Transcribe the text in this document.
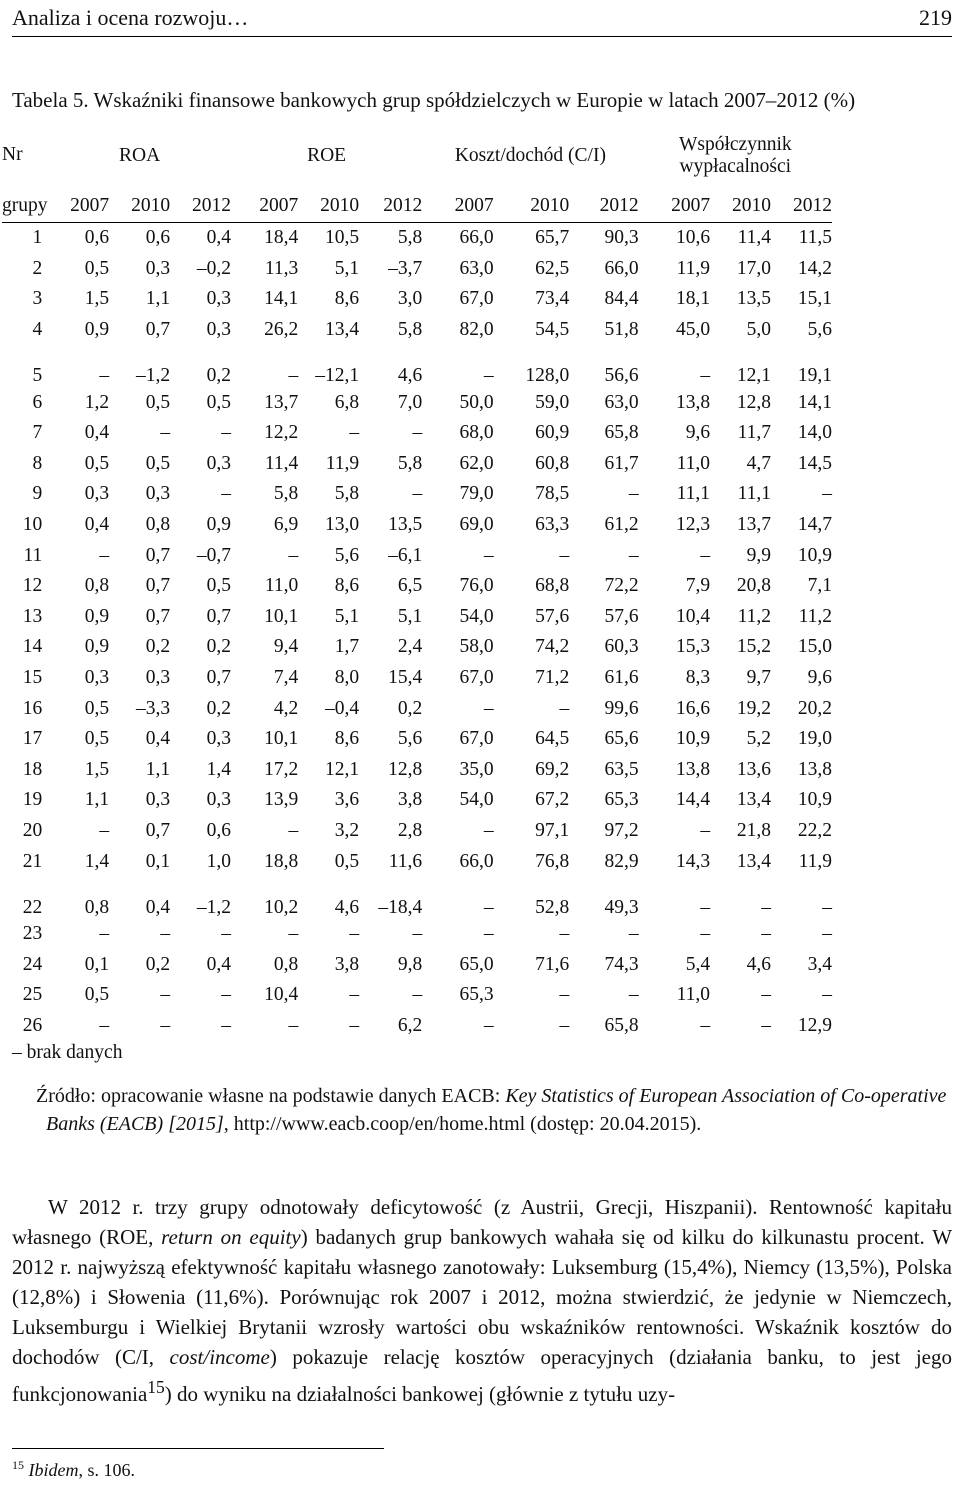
Analiza i ocena rozwoju…	219
Tabela 5. Wskaźniki finansowe bankowych grup spółdzielczych w Europie w latach 2007–2012 (%)
Nr	ROA			ROE			Koszt/dochód (C/I)			Współczynnik
wypłacalności		

grupy	2007	2010	2012	2007	2010	2012	2007	2010	2012	2007	2010	2012
1	0,6	0,6	0,4	18,4	10,5	5,8	66,0	65,7	90,3	10,6	11,4	11,5
2	0,5	0,3	–0,2	11,3	5,1	–3,7	63,0	62,5	66,0	11,9	17,0	14,2
3	1,5	1,1	0,3	14,1	8,6	3,0	67,0	73,4	84,4	18,1	13,5	15,1
4	0,9	0,7	0,3	26,2	13,4	5,8	82,0	54,5	51,8	45,0	5,0	5,6
5	–	–1,2	0,2	–	–12,1	4,6	–	128,0	56,6	–	12,1	19,1
6	1,2	0,5	0,5	13,7	6,8	7,0	50,0	59,0	63,0	13,8	12,8	14,1
7	0,4	–	–	12,2	–	–	68,0	60,9	65,8	9,6	11,7	14,0
8	0,5	0,5	0,3	11,4	11,9	5,8	62,0	60,8	61,7	11,0	4,7	14,5
9	0,3	0,3	–	5,8	5,8	–	79,0	78,5	–	11,1	11,1	–
10	0,4	0,8	0,9	6,9	13,0	13,5	69,0	63,3	61,2	12,3	13,7	14,7
11	–	0,7	–0,7	–	5,6	–6,1	–	–	–	–	9,9	10,9
12	0,8	0,7	0,5	11,0	8,6	6,5	76,0	68,8	72,2	7,9	20,8	7,1
13	0,9	0,7	0,7	10,1	5,1	5,1	54,0	57,6	57,6	10,4	11,2	11,2
14	0,9	0,2	0,2	9,4	1,7	2,4	58,0	74,2	60,3	15,3	15,2	15,0
15	0,3	0,3	0,7	7,4	8,0	15,4	67,0	71,2	61,6	8,3	9,7	9,6
16	0,5	–3,3	0,2	4,2	–0,4	0,2	–	–	99,6	16,6	19,2	20,2
17	0,5	0,4	0,3	10,1	8,6	5,6	67,0	64,5	65,6	10,9	5,2	19,0
18	1,5	1,1	1,4	17,2	12,1	12,8	35,0	69,2	63,5	13,8	13,6	13,8
19	1,1	0,3	0,3	13,9	3,6	3,8	54,0	67,2	65,3	14,4	13,4	10,9
20	–	0,7	0,6	–	3,2	2,8	–	97,1	97,2	–	21,8	22,2
21	1,4	0,1	1,0	18,8	0,5	11,6	66,0	76,8	82,9	14,3	13,4	11,9
22	0,8	0,4	–1,2	10,2	4,6	–18,4	–	52,8	49,3	–	–	–
23	–	–	–	–	–	–	–	–	–	–	–	–
24	0,1	0,2	0,4	0,8	3,8	9,8	65,0	71,6	74,3	5,4	4,6	3,4
25	0,5	–	–	10,4	–	–	65,3	–	–	11,0	–	–
26	–	–	–	–	–	6,2	–	–	65,8	–	–	12,9
– brak danych
Źródło: opracowanie własne na podstawie danych EACB: Key Statistics of European Association of Co-operative Banks (EACB) [2015], http://www.eacb.coop/en/home.html (dostęp: 20.04.2015).
W 2012 r. trzy grupy odnotowały deficytowość (z Austrii, Grecji, Hiszpanii). Rentowność kapitału własnego (ROE, return on equity) badanych grup bankowych wahała się od kilku do kilkunastu procent. W 2012 r. najwyższą efektywność kapitału własnego zanotowały: Luksemburg (15,4%), Niemcy (13,5%), Polska (12,8%) i Słowenia (11,6%). Porównując rok 2007 i 2012, można stwierdzić, że jedynie w Niemczech, Luksemburgu i Wielkiej Brytanii wzrosły wartości obu wskaźników rentowności. Wskaźnik kosztów do dochodów (C/I, cost/income) pokazuje relację kosztów operacyjnych (działania banku, to jest jego funkcjonowania$^{15}$) do wyniku na działalności bankowej (głównie z tytułu uzy-
$^{15}$ Ibidem, s. 106.
